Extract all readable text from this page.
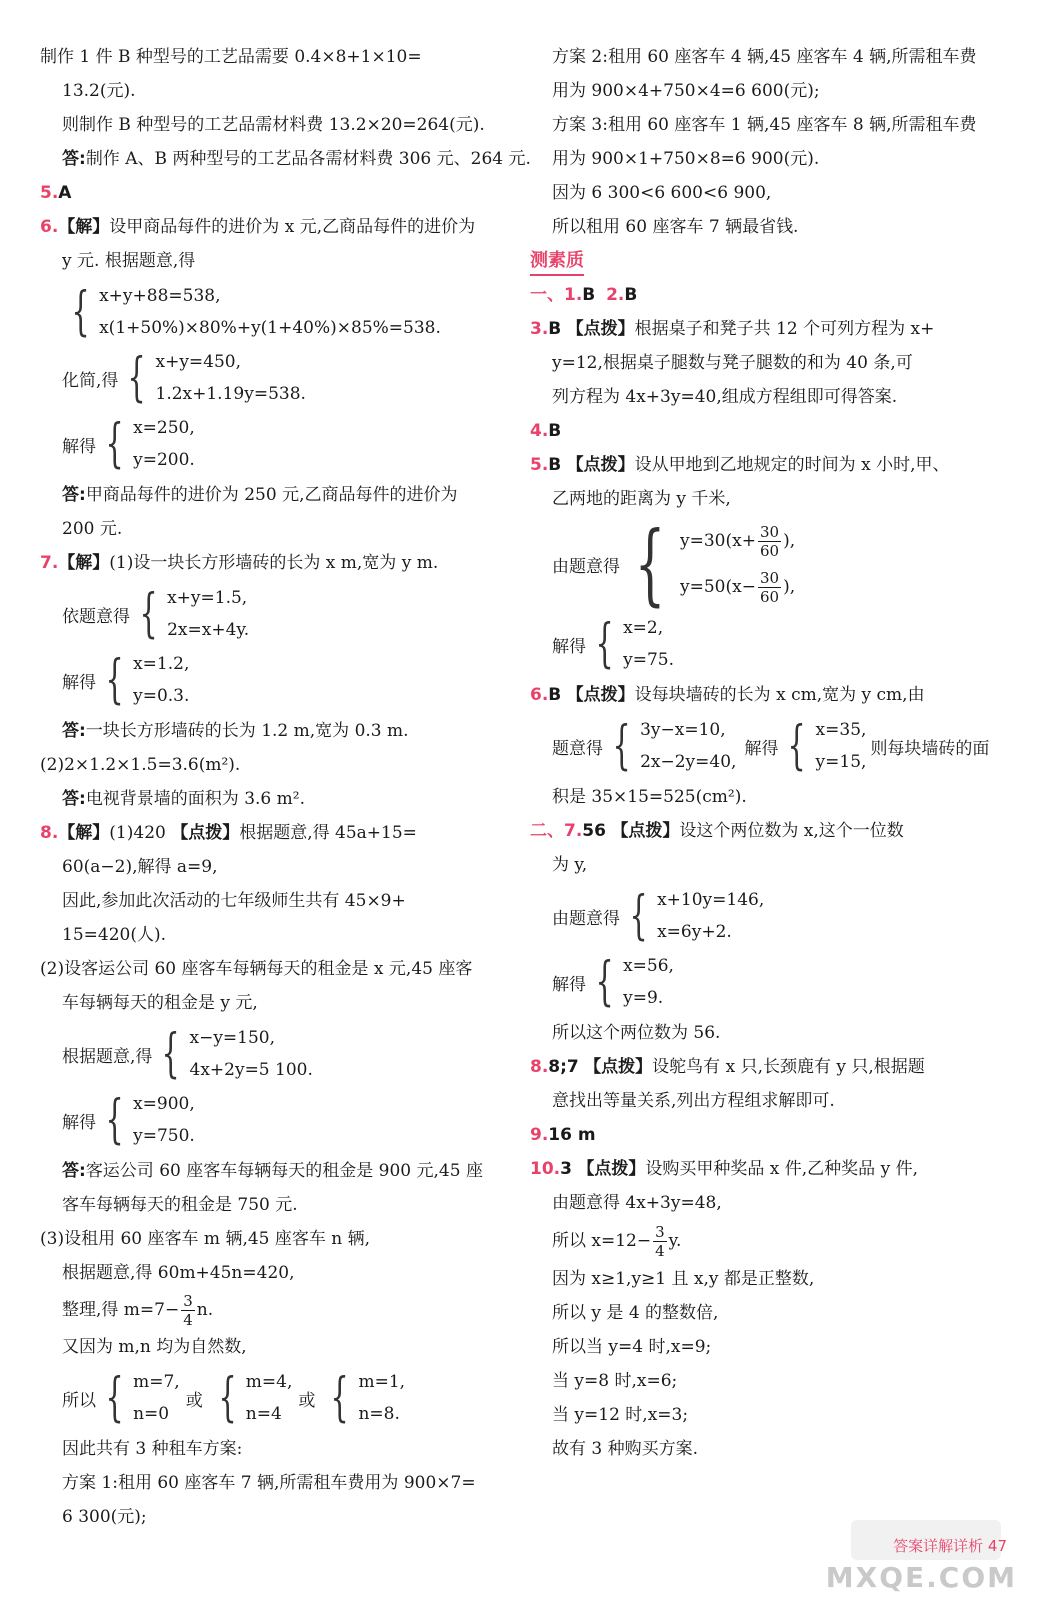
制作 1 件 B 种型号的工艺品需要 0.4×8+1×10=
13.2(元).
则制作 B 种型号的工艺品需材料费 13.2×20=264(元).
答:制作 A、B 两种型号的工艺品各需材料费 306 元、264 元.
5.A
6.【解】设甲商品每件的进价为 x 元,乙商品每件的进价为
y 元. 根据题意,得
{ x+y+88=538,
x(1+50%)×80%+y(1+40%)×85%=538.
化简,得 { x+y=450,
1.2x+1.19y=538.
解得 { x=250,
y=200.
答:甲商品每件的进价为 250 元,乙商品每件的进价为
200 元.
7.【解】(1)设一块长方形墙砖的长为 x m,宽为 y m.
依题意得 { x+y=1.5,
2x=x+4y.
解得 { x=1.2,
y=0.3.
答:一块长方形墙砖的长为 1.2 m,宽为 0.3 m.
(2)2×1.2×1.5=3.6(m²).
答:电视背景墙的面积为 3.6 m².
8.【解】(1)420 【点拨】根据题意,得 45a+15=
60(a−2),解得 a=9,
因此,参加此次活动的七年级师生共有 45×9+
15=420(人).
(2)设客运公司 60 座客车每辆每天的租金是 x 元,45 座客
车每辆每天的租金是 y 元,
根据题意,得 { x−y=150,
4x+2y=5 100.
解得 { x=900,
y=750.
答:客运公司 60 座客车每辆每天的租金是 900 元,45 座
客车每辆每天的租金是 750 元.
(3)设租用 60 座客车 m 辆,45 座客车 n 辆,
根据题意,得 60m+45n=420,
整理,得 $m=7- \frac{3}{4} n$.
又因为 m,n 均为自然数,
所以 { m=7,
n=0
或 { m=4,
n=4
或 { m=1,
n=8.
因此共有 3 种租车方案:
方案 1:租用 60 座客车 7 辆,所需租车费用为 900×7=
6 300(元);
方案 2:租用 60 座客车 4 辆,45 座客车 4 辆,所需租车费
用为 900×4+750×4=6 600(元);
方案 3:租用 60 座客车 1 辆,45 座客车 8 辆,所需租车费
用为 900×1+750×8=6 900(元).
因为 6 300<6 600<6 900,
所以租用 60 座客车 7 辆最省钱.
测素质
一、1.B 2.B
3.B 【点拨】根据桌子和凳子共 12 个可列方程为 x+
y=12,根据桌子腿数与凳子腿数的和为 40 条,可
列方程为 4x+3y=40,组成方程组即可得答案.
4.B
5.B 【点拨】设从甲地到乙地规定的时间为 x 小时,甲、
乙两地的距离为 y 千米,
由题意得 { y=30 ( $x+ \frac{30}{60}$ ),
y=50 ( $x- \frac{30}{60}$ ),
解得 { x=2,
y=75.
6.B 【点拨】设每块墙砖的长为 x cm,宽为 y cm,由
题意得 { 3y−x=10,
2x−2y=40,
解得 { x=35,
y=15,
则每块墙砖的面
积是 35×15=525(cm²).
二、7.56 【点拨】设这个两位数为 x,这个一位数
为 y,
由题意得 { x+10y=146,
x=6y+2.
解得 { x=56,
y=9.
所以这个两位数为 56.
8.8;7 【点拨】设鸵鸟有 x 只,长颈鹿有 y 只,根据题
意找出等量关系,列出方程组求解即可.
9.16 m
10.3 【点拨】设购买甲种奖品 x 件,乙种奖品 y 件,
由题意得 4x+3y=48,
所以 $x=12- \frac{3}{4} y$.
因为 x≥1,y≥1 且 x,y 都是正整数,
所以 y 是 4 的整数倍,
所以当 y=4 时,x=9;
当 y=8 时,x=6;
当 y=12 时,x=3;
故有 3 种购买方案.
答案详解详析 47
MXQE.COM
